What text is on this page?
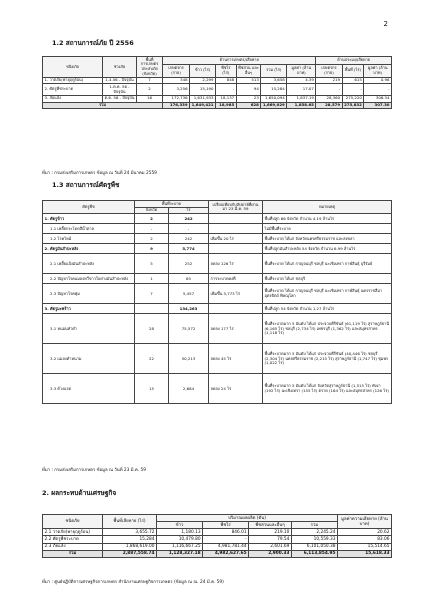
2
1.2 สถานการณ์ภัย ปี 2556
ชนิดภัย	ช่วงภัย	พื้นที่การเกษตรประสบภัย (จังหวัด)	ด้านการเกษตร/เสียหาย						ด้านประมง/เสียหาย		
			เกษตรกร (ราย)	ข้าว (ไร่)	พืชไร่ (ไร่)	พืชสวน และอื่นๆ	รวม (ไร่)	มูลค่า (ล้านบาท)	เกษตรกร (ราย)	พื้นที่ (ไร่)	มูลค่า (ล้านบาท)
1. วาตภัย(พายุฤดูร้อน)	1.4.56 - ปัจจุบัน	7	348	2,299	848	513	3,658	4.39	219	615	0.96
2. ศัตรูพืชระบาด	1.ต.ค. 56 - ปัจจุบัน	2	3,256	15,190	-	94	15,284	17.07	-	-	-
3. ภัยแล้ง	ต.ค. 56 - ปัจจุบัน	16	172,736	1,631,933	18,137	23	1,650,094	1,837.19	28,360	275,220	306.34
รวม			176,339	1,649,421	18,985	628	1,669,029	1,858.65	28,579	275,832	307.30
ที่มา : กรมส่งเสริมการเกษตร ข้อมูล ณ วันที่ 24 มีนาคม 2559
1.3 สถานการณ์ศัตรูพืช
ศัตรูพืช	พื้นที่ระบาด		เปรียบเทียบกับสัปดาห์ที่ผ่านมา 23 มี.ค. 59	หมายเหตุ
	จังหวัด	ไร่		
1. ศัตรูข้าว	2	242		พื้นที่ปลูก 66 จังหวัด จำนวน 4.19 ล้านไร่
1.1 เพลี้ยกระโดดสีน้ำตาล	-	-		ไม่มีพื้นที่ระบาด
1.2 โรคไหม้	2	242	เพิ่มขึ้น 20 ไร่	พื้นที่ระบาด ได้แก่ จังหวัดนครศรีธรรมราช และสงขลา
2. ศัตรูมันสำปะหลัง	9	5,774		พื้นที่ปลูกมันสำปะหลัง 54 จังหวัด จำนวน 6.99 ล้านไร่
2.1 เพลี้ยแป้งมันสำปะหลัง	5	252	ลดลง 126 ไร่	พื้นที่ระบาด ได้แก่ กาญจนบุรี ชลบุรี ฉะเชิงเทรา กาฬสินธุ์ บุรีรัมย์
2.2 ปัญหาโรคแมลงหวี่ขาวใบด่างมันสำปะหลัง	1	65	การระบาดคงที่	พื้นที่ระบาด ได้แก่ ชลบุรี
2.3 ปัญหาโรคพุ่ม	7	5,457	เพิ่มขึ้น 5,773 ไร่	พื้นที่ระบาด ได้แก่ กาญจนบุรี ชลบุรี ฉะเชิงเทรา กาฬสินธุ์ นครราชสีมา อุตรดิตถ์ พิษณุโลก
3. ศัตรูมะพร้าว		134,263		พื้นที่ปลูก 54 จังหวัด จำนวน 1.27 ล้านไร่
3.1 หนอนหัวดำ	28	75,572	ลดลง 177 ไร่	พื้นที่ระบาดมาก 5 อันดับ ได้แก่ ประจวบคีรีขันธ์ (61,119 ไร่) สุราษฎร์ธานี (6,165 ไร่) ชลบุรี (2,734 ไร่) เพชรบุรี (1,362 ไร่) และสมุทรสาคร (1,118 ไร่)
3.2 แมลงดำหนาม	22	50,213	ลดลง 45 ไร่	พื้นที่ระบาดมาก 5 อันดับ ได้แก่ ประจวบคีรีขันธ์ (40,446 ไร่) ชลบุรี (2,304 ไร่) นครศรีธรรมราช (2,215 ไร่) สุราษฎร์ธานี (1,747 ไร่) ชุมพร (1,022 ไร่)
3.3 ด้วงแรด	15	2,684	ลดลง 24 ไร่	พื้นที่ระบาดมาก 5 อันดับ ได้แก่ จังหวัดสุราษฎร์ธานี (1,515 ไร่) พังงา (192 ไร่) ฉะเชิงเทรา (155 ไร่) ตราด (164 ไร่) และสมุทรสาคร (126 ไร่)
ที่มา : กรมส่งเสริมการเกษตร ข้อมูล ณ วันที่ 23 มี.ค. 59
2. ผลกระทบด้านเศรษฐกิจ
ชนิดภัย	พื้นที่เสียหาย (ไร่)	ปริมาณผลผลิต (ตัน)				มูลค่าความเสียหาย (ล้านบาท)
		ข้าว	พืชไร่	พืชสวนและอื่นๆ	รวม	
2.1 วาตภัย(พายุฤดูร้อน)	3,655.72	1,180.13	846.01	219.10	2,245.24	20.62
2.2 ศัตรูพืชระบาด	15,284	10,479.80	-	79.54	10,559.33	83.06
2.3 ภัยแล้ง	1,868,619.00	1,116,667.25	4,981,781.44	2,601.69	6,101,050.38	15,514.65
รวม	2,887,558.74	1,128,327.18	4,982,627.65	2,900.33	6,113,854.95	15,618.33
ที่มา : ศูนย์ปฏิบัติการเศรษฐกิจการเกษตร สำนักงานเศรษฐกิจการเกษตร (ข้อมูล ณ ณ. 24 มี.ค. 59)
